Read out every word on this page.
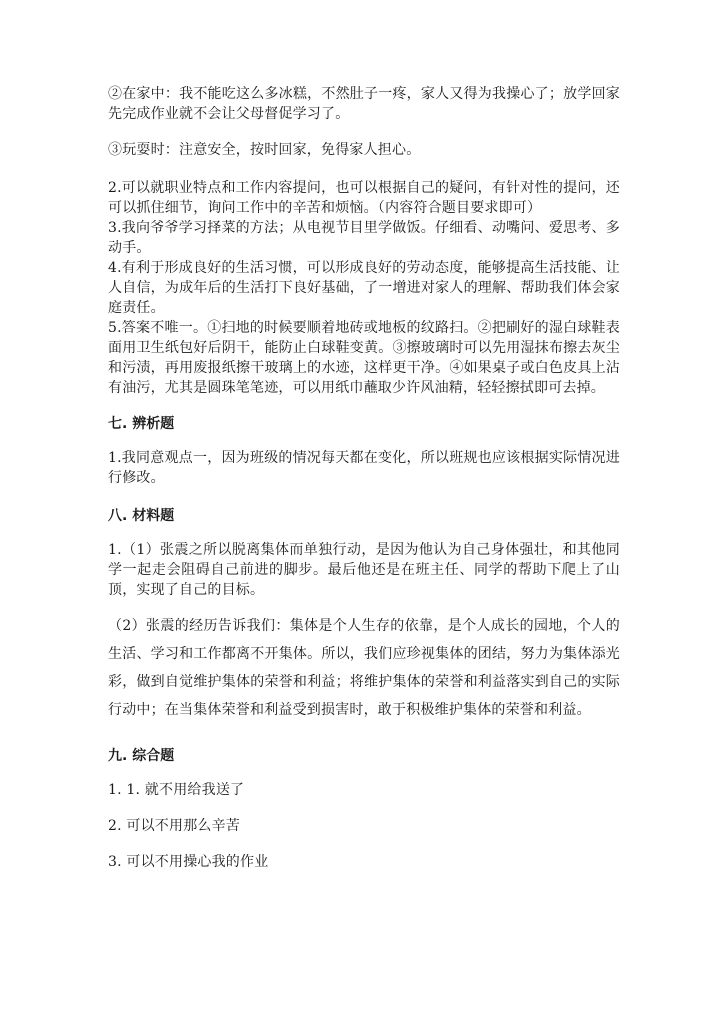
②在家中：我不能吃这么多冰糕，不然肚子一疼，家人又得为我操心了；放学回家先完成作业就不会让父母督促学习了。

③玩耍时：注意安全，按时回家，免得家人担心。

2.可以就职业特点和工作内容提问，也可以根据自己的疑问，有针对性的提问，还可以抓住细节，询问工作中的辛苦和烦恼。（内容符合题目要求即可）

3.我向爷爷学习择菜的方法；从电视节目里学做饭。仔细看、动嘴问、爱思考、多动手。

4.有利于形成良好的生活习惯，可以形成良好的劳动态度，能够提高生活技能、让人自信，为成年后的生活打下良好基础，了一增进对家人的理解、帮助我们体会家庭责任。

5.答案不唯一。①扫地的时候要顺着地砖或地板的纹路扫。②把刷好的湿白球鞋表面用卫生纸包好后阴干，能防止白球鞋变黄。③擦玻璃时可以先用湿抹布擦去灰尘和污渍，再用废报纸擦干玻璃上的水迹，这样更干净。④如果桌子或白色皮具上沾有油污，尤其是圆珠笔笔迹，可以用纸巾蘸取少许风油精，轻轻擦拭即可去掉。

七. 辨析题

1.我同意观点一，因为班级的情况每天都在变化，所以班规也应该根据实际情况进行修改。

八. 材料题

1.（1）张震之所以脱离集体而单独行动，是因为他认为自己身体强壮，和其他同学一起走会阻碍自己前进的脚步。最后他还是在班主任、同学的帮助下爬上了山顶，实现了自己的目标。

（2）张震的经历告诉我们：集体是个人生存的依靠，是个人成长的园地，个人的生活、学习和工作都离不开集体。所以，我们应珍视集体的团结，努力为集体添光彩，做到自觉维护集体的荣誉和利益；将维护集体的荣誉和利益落实到自己的实际行动中；在当集体荣誉和利益受到损害时，敢于积极维护集体的荣誉和利益。

九. 综合题

1. 1. 就不用给我送了

2. 可以不用那么辛苦

3. 可以不用操心我的作业
